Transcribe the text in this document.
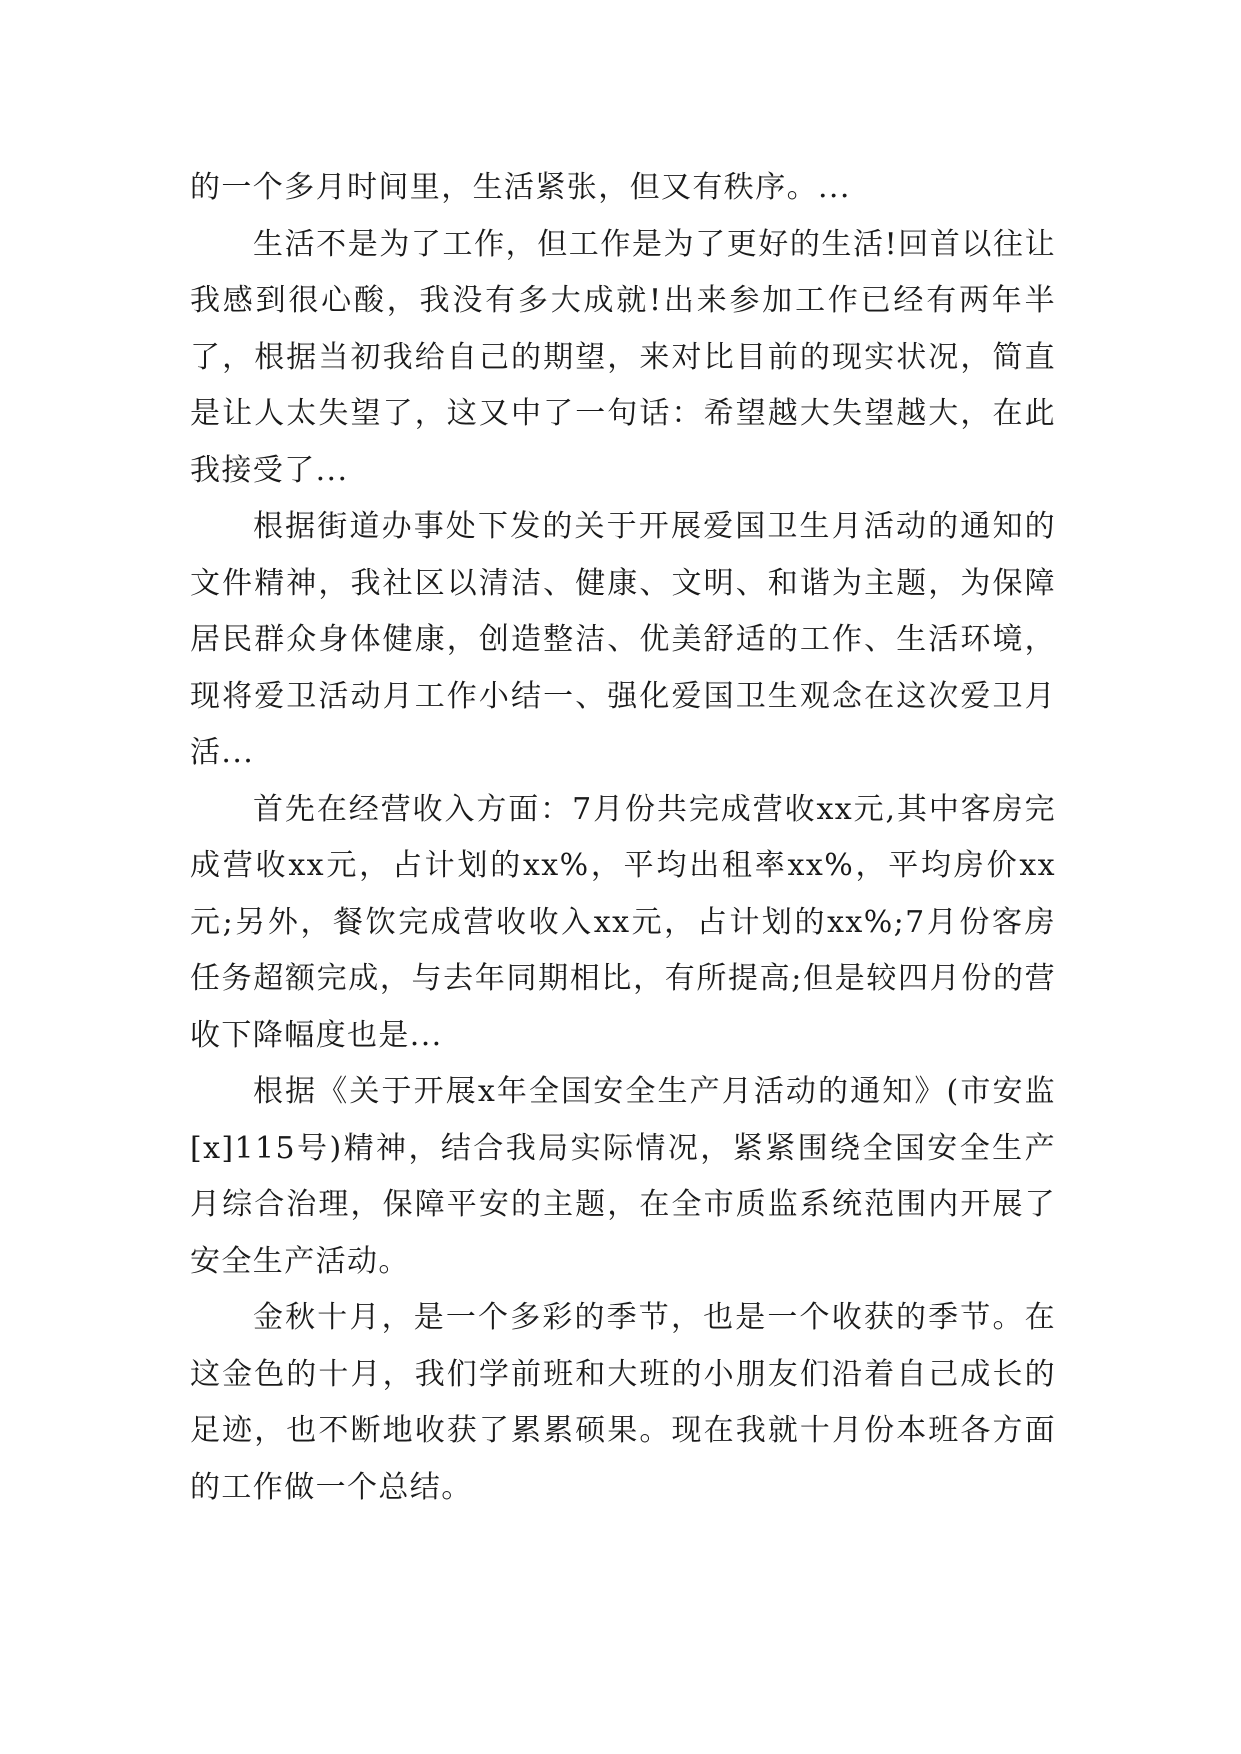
的一个多月时间里，生活紧张，但又有秩序。...

生活不是为了工作，但工作是为了更好的生活!回首以往让我感到很心酸，我没有多大成就!出来参加工作已经有两年半了，根据当初我给自己的期望，来对比目前的现实状况，简直是让人太失望了，这又中了一句话：希望越大失望越大，在此我接受了...

根据街道办事处下发的关于开展爱国卫生月活动的通知的文件精神，我社区以清洁、健康、文明、和谐为主题，为保障居民群众身体健康，创造整洁、优美舒适的工作、生活环境，现将爱卫活动月工作小结一、强化爱国卫生观念在这次爱卫月活...

首先在经营收入方面：7月份共完成营收xx元,其中客房完成营收xx元，占计划的xx%，平均出租率xx%，平均房价xx元;另外，餐饮完成营收收入xx元，占计划的xx%;7月份客房任务超额完成，与去年同期相比，有所提高;但是较四月份的营收下降幅度也是...

根据《关于开展x年全国安全生产月活动的通知》(市安监[x]115号)精神，结合我局实际情况，紧紧围绕全国安全生产月综合治理，保障平安的主题，在全市质监系统范围内开展了安全生产活动。

金秋十月，是一个多彩的季节，也是一个收获的季节。在这金色的十月，我们学前班和大班的小朋友们沿着自己成长的足迹，也不断地收获了累累硕果。现在我就十月份本班各方面的工作做一个总结。
